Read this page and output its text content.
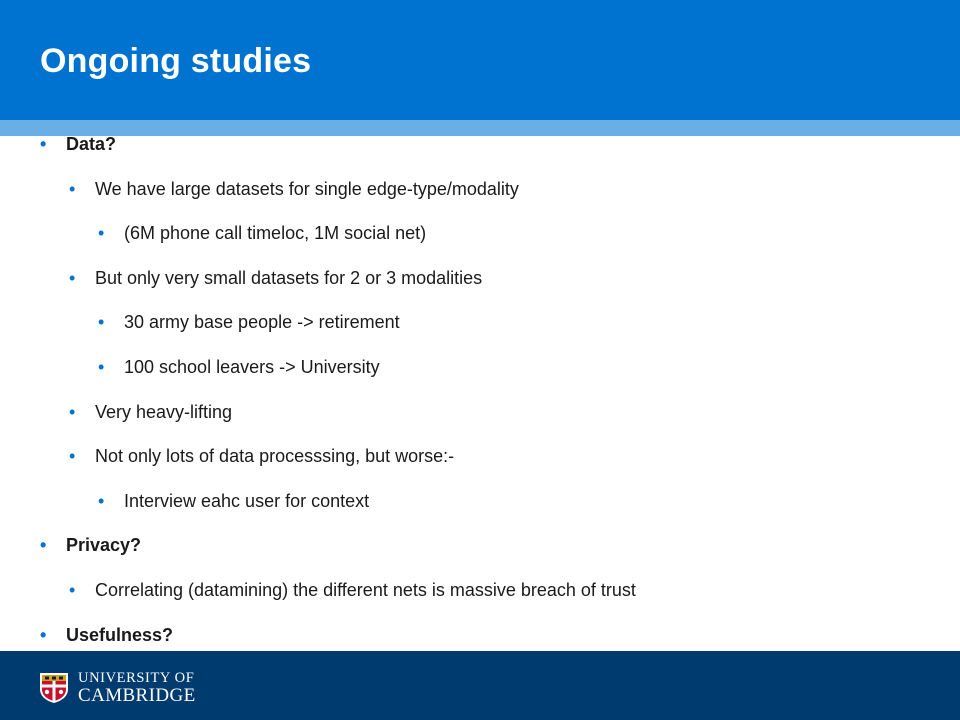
Ongoing studies
• Data?
• We have large datasets for single edge-type/modality
• (6M phone call timeloc, 1M social net)
• But only very small datasets for 2 or 3 modalities
• 30 army base people -> retirement
• 100 school leavers -> University
• Very heavy-lifting
• Not only lots of data processsing, but worse:-
• Interview eahc user for context
• Privacy?
• Correlating (datamining) the different nets is massive breach of trust
• Usefulness?
UNIVERSITY OF
CAMBRIDGE
